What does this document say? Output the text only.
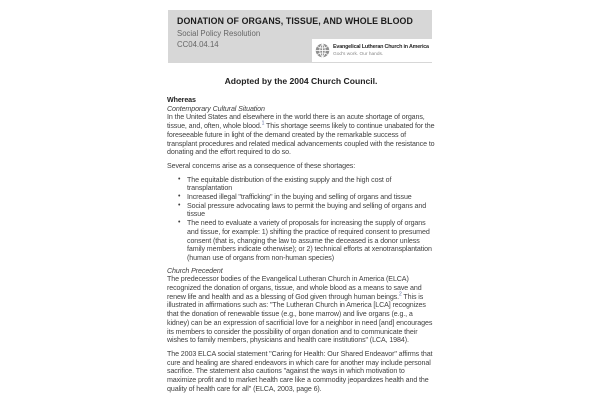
DONATION OF ORGANS, TISSUE, AND WHOLE BLOOD
Social Policy Resolution
CC04.04.14	Evangelical Lutheran Church in America
God's work. Our hands.
Adopted by the 2004 Church Council.
Whereas
Contemporary Cultural Situation

In the United States and elsewhere in the world there is an acute shortage of organs, tissue, and, often, whole blood.$^1$ This shortage seems likely to continue unabated for the foreseeable future in light of the demand created by the remarkable success of transplant procedures and related medical advancements coupled with the resistance to donating and the effort required to do so.

Several concerns arise as a consequence of these shortages:

• The equitable distribution of the existing supply and the high cost of transplantation
• Increased illegal "trafficking" in the buying and selling of organs and tissue
• Social pressure advocating laws to permit the buying and selling of organs and tissue
• The need to evaluate a variety of proposals for increasing the supply of organs and tissue, for example: 1) shifting the practice of required consent to presumed consent (that is, changing the law to assume the deceased is a donor unless family members indicate otherwise); or 2) technical efforts at xenotransplantation (human use of organs from non-human species)
Church Precedent

The predecessor bodies of the Evangelical Lutheran Church in America (ELCA) recognized the donation of organs, tissue, and whole blood as a means to save and renew life and health and as a blessing of God given through human beings.$^2$ This is illustrated in affirmations such as: "The Lutheran Church in America [LCA] recognizes that the donation of renewable tissue (e.g., bone marrow) and live organs (e.g., a kidney) can be an expression of sacrificial love for a neighbor in need [and] encourages its members to consider the possibility of organ donation and to communicate their wishes to family members, physicians and health care institutions" (LCA, 1984).

The 2003 ELCA social statement "Caring for Health: Our Shared Endeavor" affirms that cure and healing are shared endeavors in which care for another may include personal sacrifice. The statement also cautions "against the ways in which motivation to maximize profit and to market health care like a commodity jeopardizes health and the quality of health care for all" (ELCA, 2003, page 6).
